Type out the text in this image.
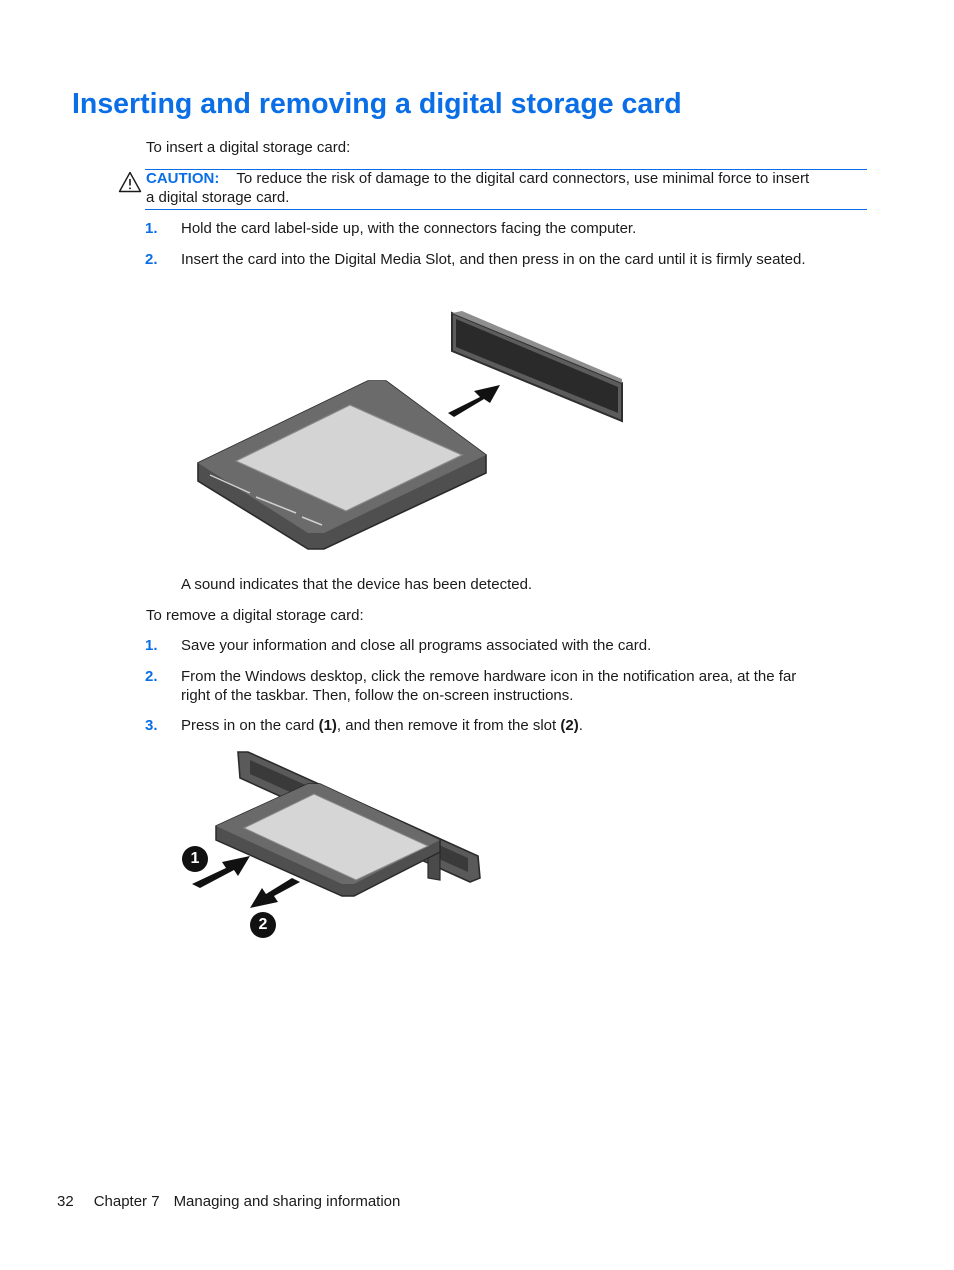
Inserting and removing a digital storage card
To insert a digital storage card:
CAUTION: To reduce the risk of damage to the digital card connectors, use minimal force to insert
a digital storage card.
1. Hold the card label-side up, with the connectors facing the computer.
2. Insert the card into the Digital Media Slot, and then press in on the card until it is firmly seated.
A sound indicates that the device has been detected.
To remove a digital storage card:
1. Save your information and close all programs associated with the card.
2. From the Windows desktop, click the remove hardware icon in the notification area, at the far
right of the taskbar. Then, follow the on-screen instructions.
3. Press in on the card (1), and then remove it from the slot (2).
1
2
32 Chapter 7 Managing and sharing information
